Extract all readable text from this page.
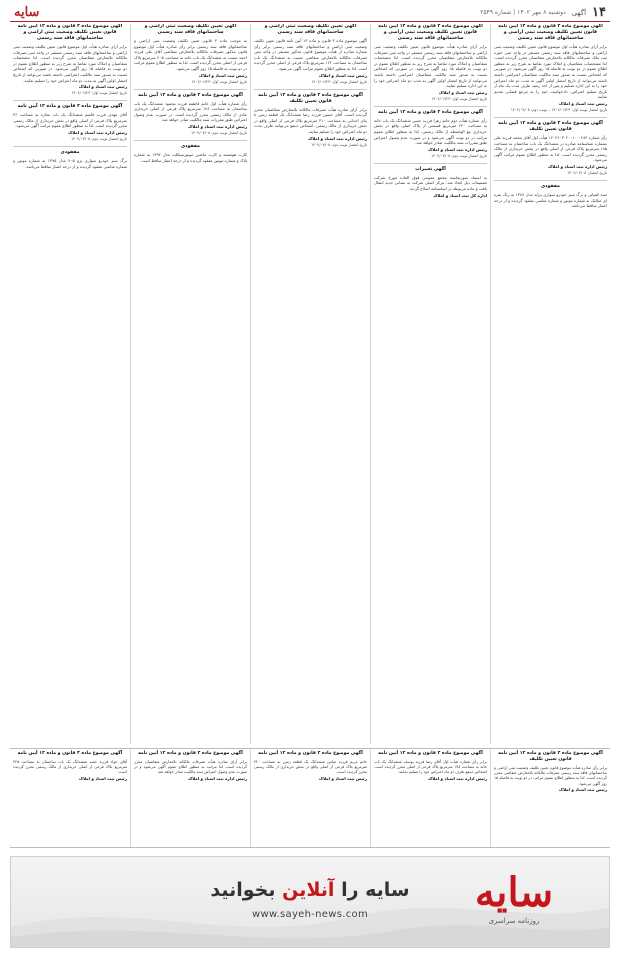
۱۴
آگهی
دوشنبه ۸ مهر ۱۴۰۲ | شماره ۲۵۴۹
سایه
آگهی موضوع ماده ۳ قانون و ماده ۱۳ آیین نامه قانون تعیین تکلیف وضعیت ثبتی اراضی و ساختمانهای فاقد سند رسمی
برابر آرای صادره هیأت اول موضوع قانون تعیین تکلیف وضعیت ثبتی اراضی و ساختمانهای فاقد سند رسمی مستقر در واحد ثبتی حوزه ثبت ملک تصرفات مالکانه بلامعارض متقاضیان محرز گردیده است. لذا مشخصات متقاضیان و املاک مورد تقاضا به شرح زیر به منظور اطلاع عموم در دو نوبت به فاصله ۱۵ روز آگهی می‌شود. در صورتی که اشخاص نسبت به صدور سند مالکیت متقاضیان اعتراضی داشته باشند می‌توانند از تاریخ انتشار اولین آگهی به مدت دو ماه اعتراض خود را به این اداره تسلیم و پس از اخذ رسید ظرف مدت یک ماه از تاریخ تسلیم اعتراض، دادخواست خود را به مرجع قضایی تقدیم نمایند.
رئیس ثبت اسناد و املاک
تاریخ انتشار نوبت اول: ۱۴۰۲/۰۶/۲۳ – نوبت دوم: ۱۴۰۲/۰۷/۰۸
آگهی موضوع ماده ۳ قانون و ماده ۱۳ آیین نامه قانون تعیین تکلیف
رأی شماره ۱۴۰۲۶۰۳۰۲۰۰۱۰۰۰۲۸۴ هیأت اول آقای محمد فرزند علی بشماره شناسنامه صادره در ششدانگ یک باب ساختمان به مساحت ۱۸۵ مترمربع پلاک فرعی از اصلی واقع در بخش خریداری از مالک رسمی محرز گردیده است. لذا به منظور اطلاع عموم مراتب آگهی می‌شود.
رئیس اداره ثبت اسناد و املاک
تاریخ انتشار: ۱۴۰۲/۰۷/۰۸
مفقودی
سند کمپانی و برگ سبز خودرو سواری پراید مدل ۱۳۸۷ به رنگ نقره ای متالیک به شماره موتور و شماره شاسی مفقود گردیده و از درجه اعتبار ساقط می‌باشد.
آگهی موضوع ماده ۳ قانون و ماده ۱۳ آیین نامه قانون تعیین تکلیف وضعیت ثبتی اراضی و ساختمانهای فاقد سند رسمی
برابر آرای صادره هیأت موضوع قانون تعیین تکلیف وضعیت ثبتی اراضی و ساختمانهای فاقد سند رسمی مستقر در واحد ثبتی تصرفات مالکانه بلامعارض متقاضیان محرز گردیده است. لذا مشخصات متقاضیان و املاک مورد تقاضا به شرح زیر به منظور اطلاع عموم در دو نوبت به فاصله ۱۵ روز آگهی می‌شود. در صورتی که اشخاص نسبت به صدور سند مالکیت متقاضیان اعتراضی داشته باشند می‌توانند از تاریخ انتشار اولین آگهی به مدت دو ماه اعتراض خود را به این اداره تسلیم نمایند.
رئیس ثبت اسناد و املاک
تاریخ انتشار نوبت اول: ۱۴۰۲/۰۶/۲۳
آگهی موضوع ماده ۳ قانون و ماده ۱۳ آیین نامه
رأی شماره هیأت دوم خانم زهرا فرزند حسن ششدانگ یک باب خانه به مساحت ۲۴۰ مترمربع قسمتی از پلاک اصلی واقع در بخش خریداری مع الواسطه از مالک رسمی. لذا به منظور اطلاع عموم مراتب در دو نوبت آگهی می‌شود و در صورت عدم وصول اعتراض طبق مقررات سند مالکیت صادر خواهد شد.
رئیس اداره ثبت اسناد و املاک
تاریخ انتشار نوبت دوم: ۱۴۰۲/۰۷/۰۸
آگهی تغییرات
به استناد صورتجلسه مجمع عمومی فوق العاده مورخ شرکت تصمیمات ذیل اتخاذ شد: مرکز اصلی شرکت به نشانی جدید انتقال یافت و ماده مربوطه در اساسنامه اصلاح گردید.
اداره کل ثبت اسناد و املاک
آگهی تعیین تکلیف وضعیت ثبتی اراضی و ساختمانهای فاقد سند رسمی
آگهی موضوع ماده ۳ قانون و ماده ۱۳ آیین نامه قانون تعیین تکلیف وضعیت ثبتی اراضی و ساختمانهای فاقد سند رسمی برابر رأی شماره صادره از هیأت موضوع قانون مذکور مستقر در واحد ثبتی تصرفات مالکانه بلامعارض متقاضی نسبت به ششدانگ یک باب ساختمان به مساحت ۱۶۲ مترمربع پلاک فرعی از اصلی محرز گردیده است. لذا به منظور اطلاع عموم مراتب آگهی می‌شود.
رئیس ثبت اسناد و املاک
تاریخ انتشار نوبت اول: ۱۴۰۲/۰۶/۲۳
آگهی موضوع ماده ۳ قانون و ماده ۱۳ آیین نامه قانون تعیین تکلیف
برابر آرای صادره هیأت تصرفات مالکانه بلامعارض متقاضیان محرز گردیده است. آقای حسین فرزند رضا ششدانگ یک قطعه زمین با بنای احداثی به مساحت ۳۱۰ مترمربع پلاک فرعی از اصلی واقع در بخش خریداری از مالک رسمی. اشخاص ذینفع می‌توانند ظرف مدت دو ماه اعتراض خود را تسلیم نمایند.
رئیس اداره ثبت اسناد و املاک
تاریخ انتشار نوبت دوم: ۱۴۰۲/۰۷/۰۸
آگهی تعیین تکلیف وضعیت ثبتی اراضی و ساختمانهای فاقد سند رسمی
به موجب ماده ۳ قانون تعیین تکلیف وضعیت ثبتی اراضی و ساختمانهای فاقد سند رسمی برابر رأی صادره هیأت اول موضوع قانون مذکور تصرفات مالکانه بلامعارض متقاضی آقای علی فرزند احمد نسبت به ششدانگ یک باب خانه به مساحت ۲۰۵ مترمربع پلاک فرعی از اصلی محرز گردیده است. لذا به منظور اطلاع عموم مراتب در دو نوبت به فاصله ۱۵ روز آگهی می‌شود.
رئیس ثبت اسناد و املاک
تاریخ انتشار نوبت اول: ۱۴۰۲/۰۶/۲۳
آگهی موضوع ماده ۳ قانون و ماده ۱۳ آیین نامه
رأی شماره هیأت اول خانم فاطمه فرزند محمود ششدانگ یک باب ساختمان به مساحت ۱۴۸ مترمربع پلاک فرعی از اصلی خریداری عادی از مالک رسمی محرز گردیده است. در صورت عدم وصول اعتراض طبق مقررات سند مالکیت صادر خواهد شد.
رئیس اداره ثبت اسناد و املاک
تاریخ انتشار نوبت دوم: ۱۴۰۲/۰۷/۰۸
مفقودی
کارت هوشمند و کارت ماشین موتورسیکلت مدل ۱۳۹۲ به شماره پلاک و شماره موتور مفقود گردیده و از درجه اعتبار ساقط است.
آگهی موضوع ماده ۳ قانون و ماده ۱۳ آیین نامه قانون تعیین تکلیف وضعیت ثبتی اراضی و ساختمانهای فاقد سند رسمی
برابر آرای صادره هیأت اول موضوع قانون تعیین تکلیف وضعیت ثبتی اراضی و ساختمانهای فاقد سند رسمی مستقر در واحد ثبتی تصرفات مالکانه بلامعارض متقاضیان محرز گردیده است. لذا مشخصات متقاضیان و املاک مورد تقاضا به شرح زیر به منظور اطلاع عموم در دو نوبت به فاصله ۱۵ روز آگهی می‌شود. در صورتی که اشخاص نسبت به صدور سند مالکیت اعتراضی داشته باشند می‌توانند از تاریخ انتشار اولین آگهی به مدت دو ماه اعتراض خود را تسلیم نمایند.
رئیس ثبت اسناد و املاک
تاریخ انتشار نوبت اول: ۱۴۰۲/۰۶/۲۳
آگهی موضوع ماده ۳ قانون و ماده ۱۳ آیین نامه
آقای مهدی فرزند قاسم ششدانگ یک باب مغازه به مساحت ۳۶ مترمربع پلاک فرعی از اصلی واقع در بخش خریداری از مالک رسمی محرز گردیده است. لذا به منظور اطلاع عموم مراتب آگهی می‌شود.
رئیس اداره ثبت اسناد و املاک
تاریخ انتشار نوبت دوم: ۱۴۰۲/۰۷/۰۸
مفقودی
برگ سبز خودرو سواری پژو ۴۰۵ مدل ۱۳۹۵ به شماره موتور و شماره شاسی مفقود گردیده و از درجه اعتبار ساقط می‌باشد.
آگهی موضوع ماده ۳ قانون و ماده ۱۳ آیین نامه قانون تعیین تکلیف
برابر رأی صادره هیأت موضوع قانون تعیین تکلیف وضعیت ثبتی اراضی و ساختمانهای فاقد سند رسمی تصرفات مالکانه بلامعارض متقاضی محرز گردیده است. لذا به منظور اطلاع عموم مراتب در دو نوبت به فاصله ۱۵ روز آگهی می‌شود.
رئیس ثبت اسناد و املاک
آگهی موضوع ماده ۳ قانون و ماده ۱۳ آیین نامه
برابر رأی شماره هیأت اول آقای رضا فرزند یوسف ششدانگ یک باب خانه به مساحت ۱۷۸ مترمربع پلاک فرعی از اصلی محرز گردیده است. اشخاص ذینفع ظرف دو ماه اعتراض خود را تسلیم نمایند.
رئیس اداره ثبت اسناد و املاک
آگهی موضوع ماده ۳ قانون و ماده ۱۳ آیین نامه
خانم مریم فرزند عباس ششدانگ یک قطعه زمین به مساحت ۴۲۰ مترمربع پلاک فرعی از اصلی واقع در بخش خریداری از مالک رسمی محرز گردیده است.
رئیس ثبت اسناد و املاک
آگهی موضوع ماده ۳ قانون و ماده ۱۳ آیین نامه
برابر آرای صادره هیأت تصرفات مالکانه بلامعارض متقاضیان محرز گردیده است. لذا مراتب به منظور اطلاع عموم آگهی می‌شود و در صورت عدم وصول اعتراض سند مالکیت صادر خواهد شد.
رئیس اداره ثبت اسناد و املاک
آگهی موضوع ماده ۳ قانون و ماده ۱۳ آیین نامه
آقای جواد فرزند حمید ششدانگ یک باب ساختمان به مساحت ۲۲۵ مترمربع پلاک فرعی از اصلی خریداری از مالک رسمی محرز گردیده است.
رئیس ثبت اسناد و املاک
سایه را آنلاین بخوانید
www.sayeh-news.com	سایه
روزنامه سراسری
